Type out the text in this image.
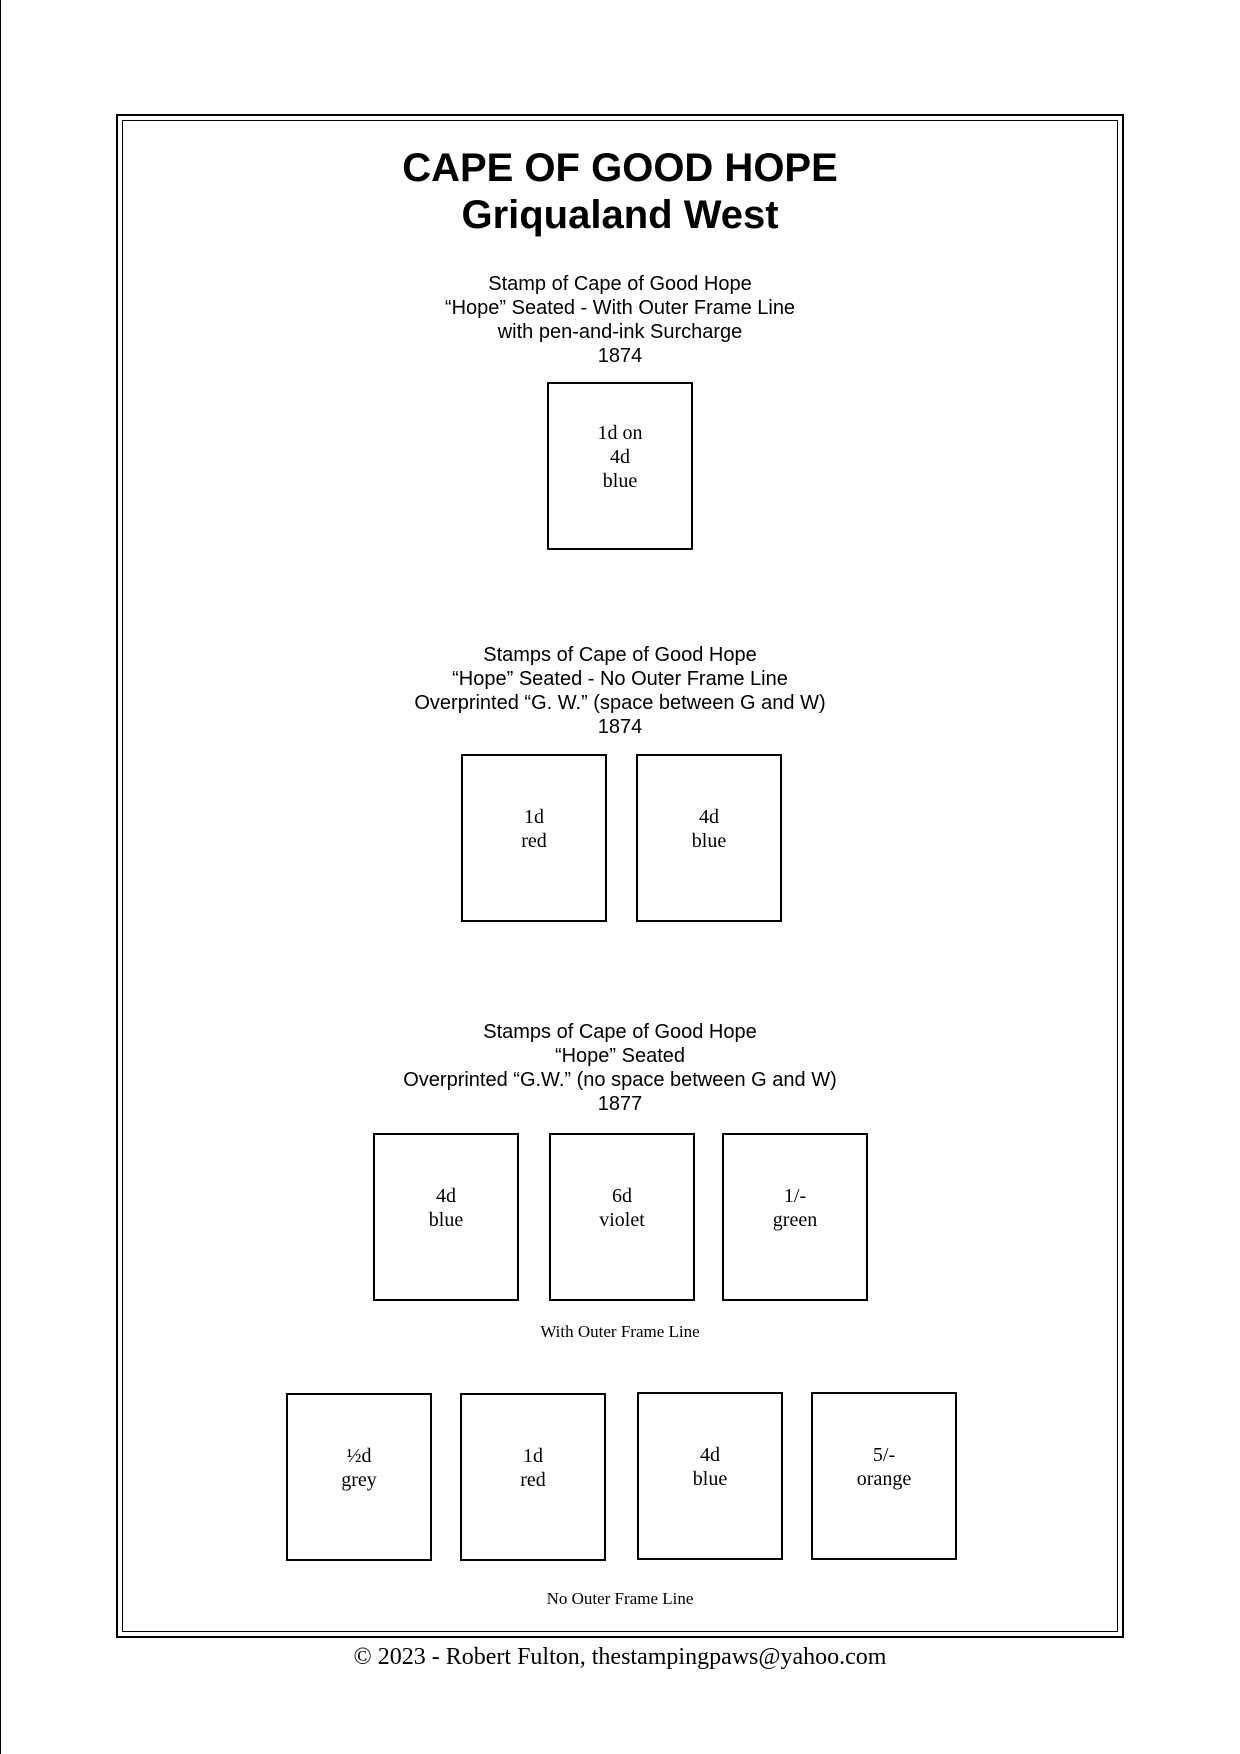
CAPE OF GOOD HOPE
Griqualand West
Stamp of Cape of Good Hope
“Hope” Seated - With Outer Frame Line
with pen-and-ink Surcharge
1874
1d on
4d
blue
Stamps of Cape of Good Hope
“Hope” Seated - No Outer Frame Line
Overprinted “G. W.” (space between G and W)
1874
1d
red
4d
blue
Stamps of Cape of Good Hope
“Hope” Seated
Overprinted “G.W.” (no space between G and W)
1877
4d
blue
6d
violet
1/-
green
With Outer Frame Line
½d
grey
1d
red
4d
blue
5/-
orange
No Outer Frame Line
© 2023 - Robert Fulton, thestampingpaws@yahoo.com
